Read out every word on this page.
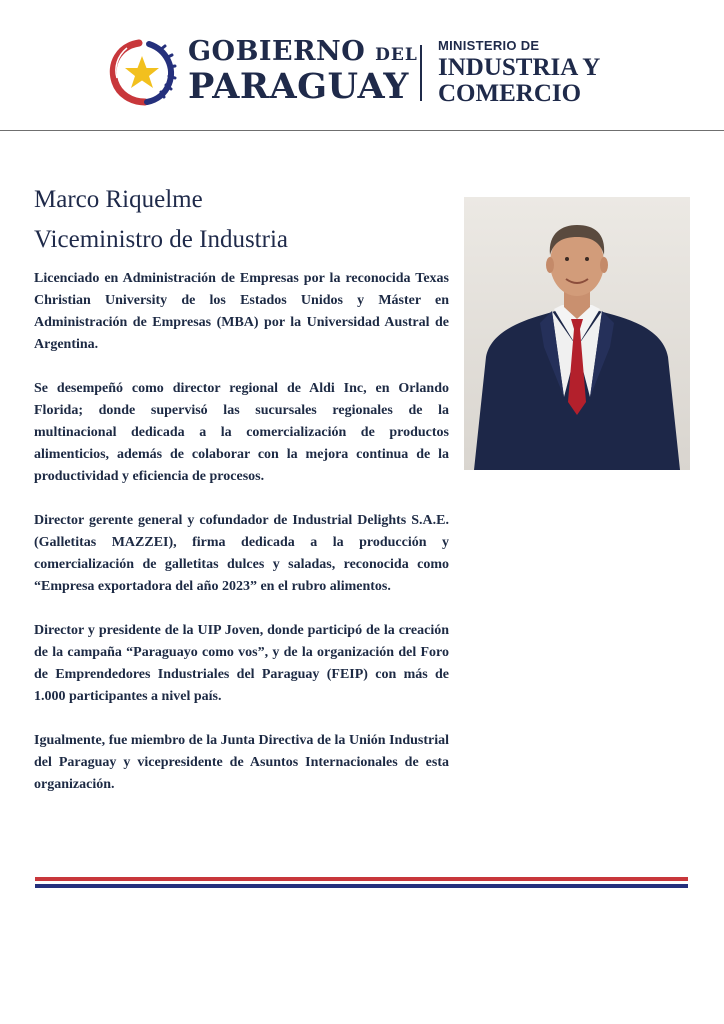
GOBIERNO DEL
PARAGUAY
MINISTERIO DE
INDUSTRIA Y
COMERCIO
Marco Riquelme
Viceministro de Industria

Licenciado en Administración de Empresas por la reconocida Texas Christian University de los Estados Unidos y Máster en Administración de Empresas (MBA) por la Universidad Austral de Argentina.

Se desempeñó como director regional de Aldi Inc, en Orlando Florida; donde supervisó las sucursales regionales de la multinacional dedicada a la comercialización de productos alimenticios, además de colaborar con la mejora continua de la productividad y eficiencia de procesos.

Director gerente general y cofundador de Industrial Delights S.A.E. (Galletitas MAZZEI), firma dedicada a la producción y comercialización de galletitas dulces y saladas, reconocida como “Empresa exportadora del año 2023” en el rubro alimentos.

Director y presidente de la UIP Joven, donde participó de la creación de la campaña “Paraguayo como vos”, y de la organización del Foro de Emprendedores Industriales del Paraguay (FEIP) con más de 1.000 participantes a nivel país.

Igualmente, fue miembro de la Junta Directiva de la Unión Industrial del Paraguay y vicepresidente de Asuntos Internacionales de esta organización.
